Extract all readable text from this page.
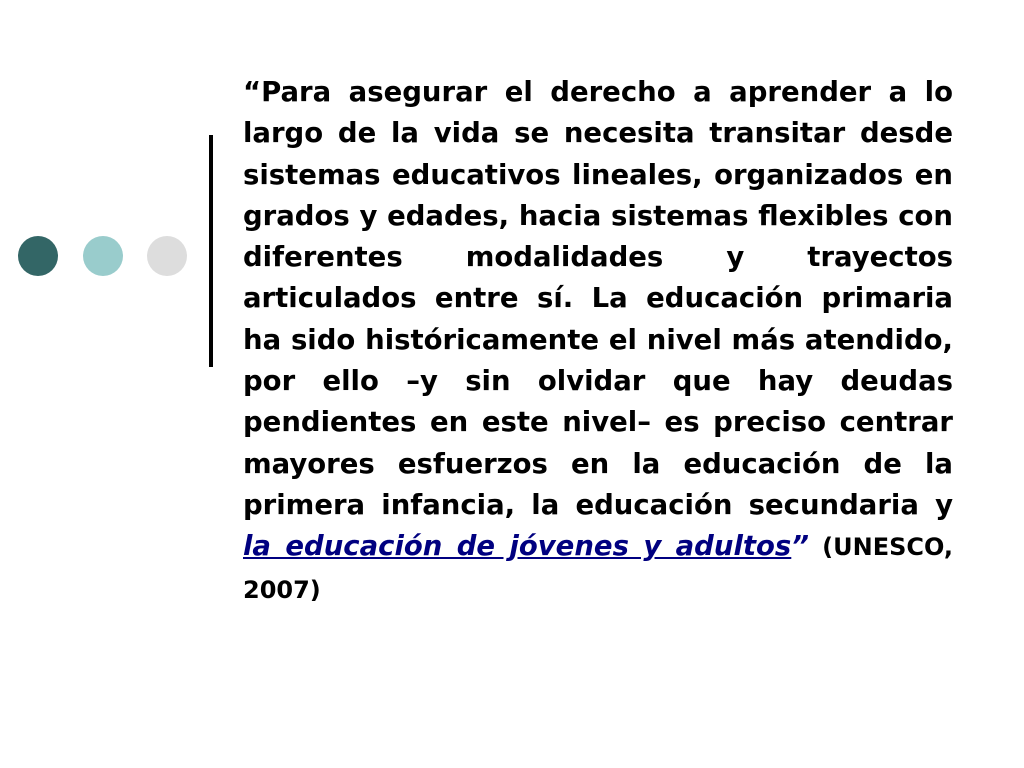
“Para asegurar el derecho a aprender a lo largo de la vida se necesita transitar desde sistemas educativos lineales, organizados en grados y edades, hacia sistemas flexibles con diferentes modalidades y trayectos articulados entre sí. La educación primaria ha sido históricamente el nivel más atendido, por ello –y sin olvidar que hay deudas pendientes en este nivel– es preciso centrar mayores esfuerzos en la educación de la primera infancia, la educación secundaria y la educación de jóvenes y adultos” (UNESCO, 2007)
